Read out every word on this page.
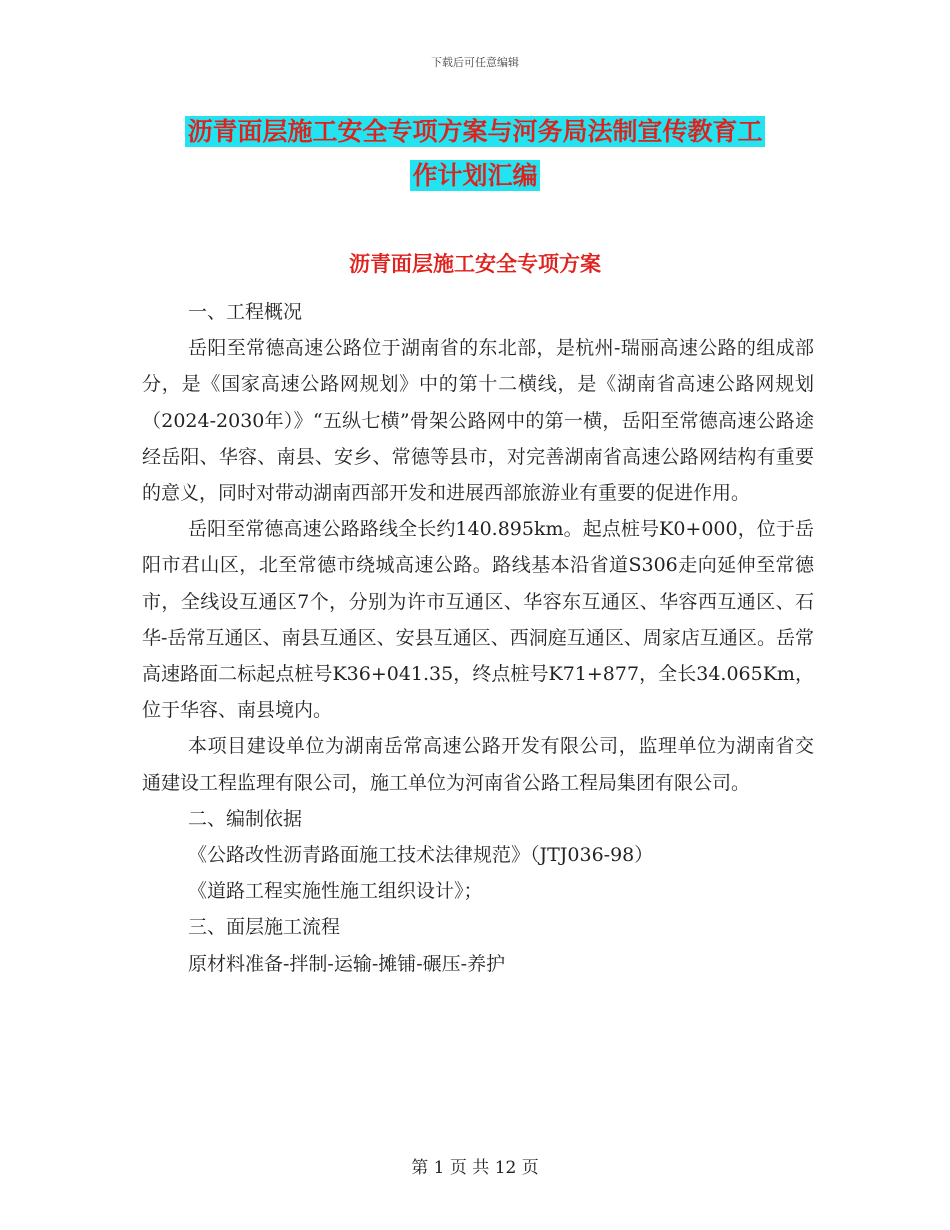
下载后可任意编辑
沥青面层施工安全专项方案与河务局法制宣传教育工
作计划汇编
沥青面层施工安全专项方案

一、工程概况

岳阳至常德高速公路位于湖南省的东北部，是杭州-瑞丽高速公路的组成部分，是《国家高速公路网规划》中的第十二横线，是《湖南省高速公路网规划（2024-2030年）》“五纵七横”骨架公路网中的第一横，岳阳至常德高速公路途经岳阳、华容、南县、安乡、常德等县市，对完善湖南省高速公路网结构有重要的意义，同时对带动湖南西部开发和进展西部旅游业有重要的促进作用。

岳阳至常德高速公路路线全长约140.895km。起点桩号K0+000，位于岳阳市君山区，北至常德市绕城高速公路。路线基本沿省道S306走向延伸至常德市，全线设互通区7个，分别为许市互通区、华容东互通区、华容西互通区、石华-岳常互通区、南县互通区、安县互通区、西洞庭互通区、周家店互通区。岳常高速路面二标起点桩号K36+041.35，终点桩号K71+877，全长34.065Km，位于华容、南县境内。

本项目建设单位为湖南岳常高速公路开发有限公司，监理单位为湖南省交通建设工程监理有限公司，施工单位为河南省公路工程局集团有限公司。

二、编制依据

《公路改性沥青路面施工技术法律规范》（JTJ036-98）

《道路工程实施性施工组织设计》；

三、面层施工流程

原材料准备-拌制-运输-摊铺-碾压-养护

第 1 页 共 12 页
